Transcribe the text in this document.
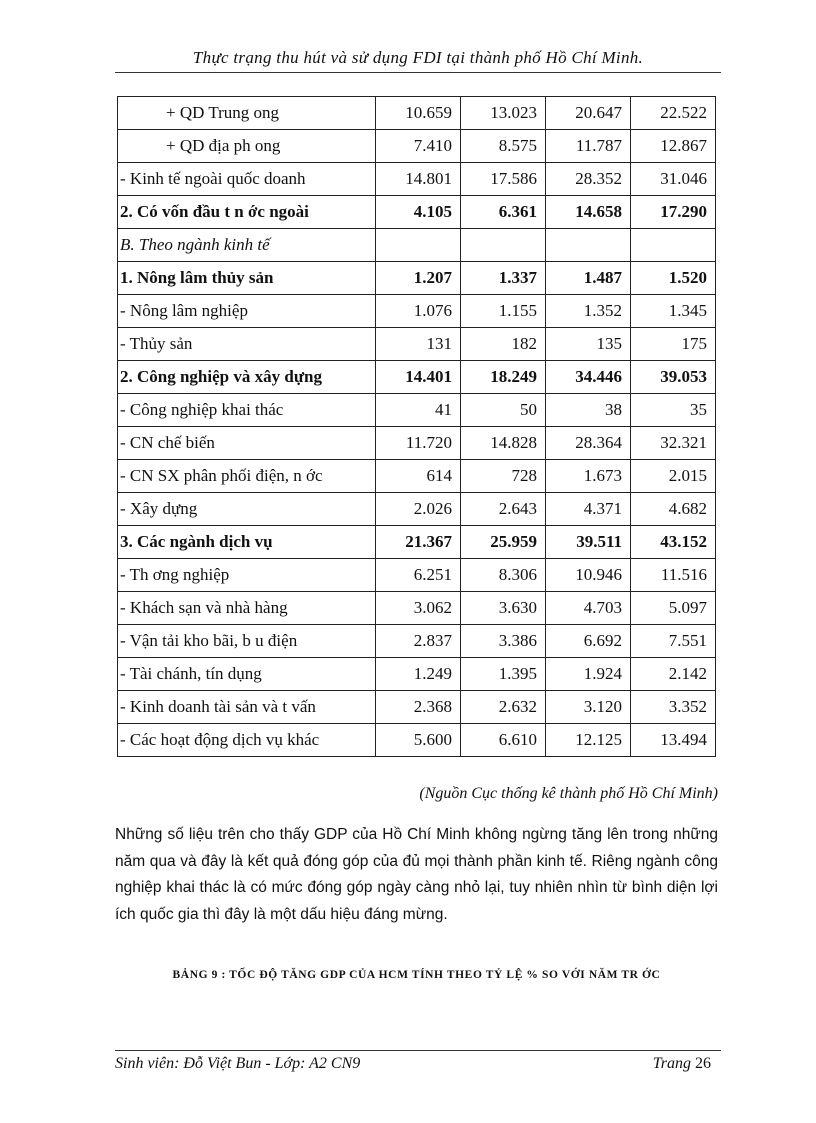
Thực trạng thu hút và sử dụng FDI tại thành phố Hồ Chí Minh.
+ QD Trung ong	10.659	13.023	20.647	22.522
+ QD địa ph ong	7.410	8.575	11.787	12.867
- Kinh tế ngoài quốc doanh	14.801	17.586	28.352	31.046
2. Có vốn đầu t n ớc ngoài	4.105	6.361	14.658	17.290
B. Theo ngành kinh tế				
1. Nông lâm thủy sản	1.207	1.337	1.487	1.520
- Nông lâm nghiệp	1.076	1.155	1.352	1.345
- Thủy sản	131	182	135	175
2. Công nghiệp và xây dựng	14.401	18.249	34.446	39.053
- Công nghiệp khai thác	41	50	38	35
- CN chế biến	11.720	14.828	28.364	32.321
- CN SX phân phối điện, n ớc	614	728	1.673	2.015
- Xây dựng	2.026	2.643	4.371	4.682
3. Các ngành dịch vụ	21.367	25.959	39.511	43.152
- Th ơng nghiệp	6.251	8.306	10.946	11.516
- Khách sạn và nhà hàng	3.062	3.630	4.703	5.097
- Vận tải kho bãi, b u điện	2.837	3.386	6.692	7.551
- Tài chánh, tín dụng	1.249	1.395	1.924	2.142
- Kinh doanh tài sản và t vấn	2.368	2.632	3.120	3.352
- Các hoạt động dịch vụ khác	5.600	6.610	12.125	13.494
(Nguồn Cục thống kê thành phố Hồ Chí Minh)
Những số liệu trên cho thấy GDP của Hồ Chí Minh không ngừng tăng lên trong những năm qua và đây là kết quả đóng góp của đủ mọi thành phần kinh tế. Riêng ngành công nghiệp khai thác là có mức đóng góp ngày càng nhỏ lại, tuy nhiên nhìn từ bình diện lợi ích quốc gia thì đây là một dấu hiệu đáng mừng.
BẢNG 9 : TỐC ĐỘ TĂNG GDP CỦA HCM TÍNH THEO TỶ LỆ % SO VỚI NĂM TR ỚC
Sinh viên: Đỗ Việt Bun - Lớp: A2 CN9	Trang 26
